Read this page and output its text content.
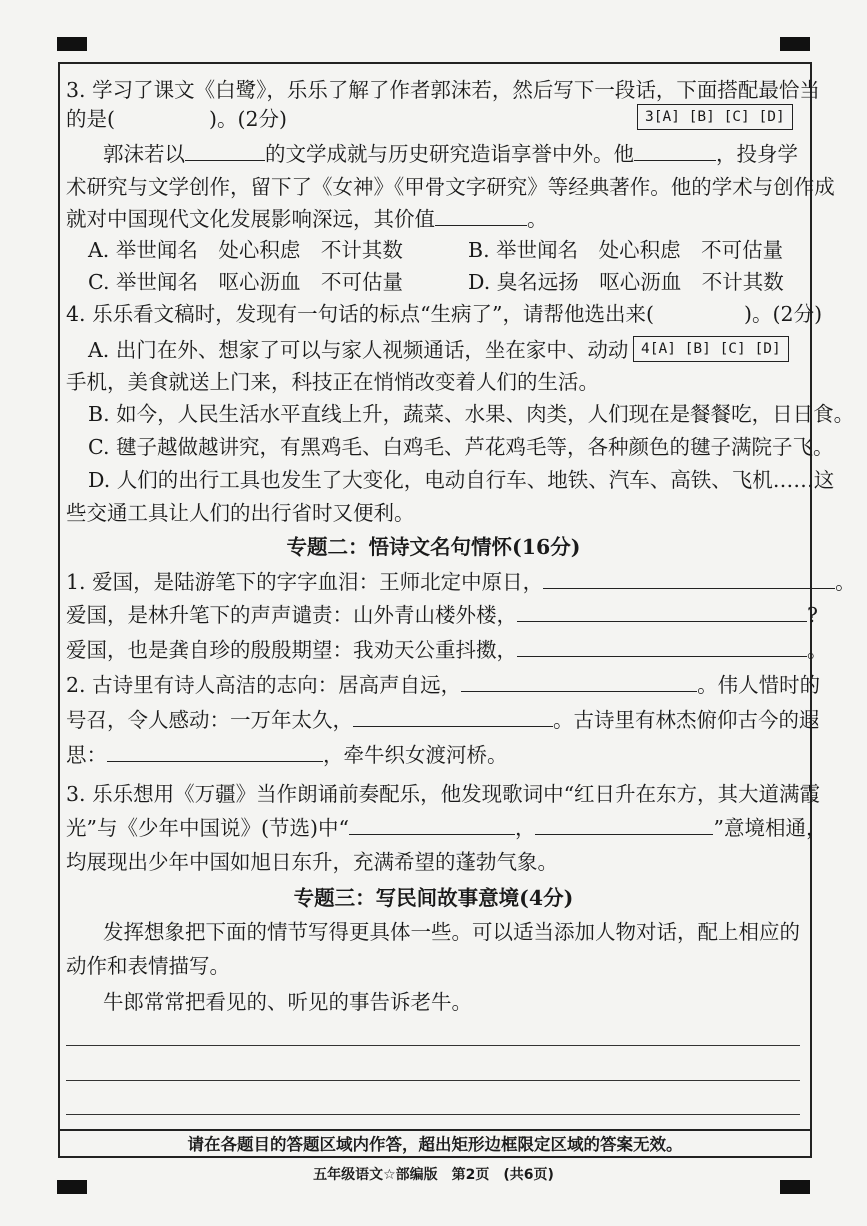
3. 学习了课文《白鹭》，乐乐了解了作者郭沫若，然后写下一段话，下面搭配最恰当
的是(	)。(2分)	3[A] [B] [C] [D]
郭沫若以	的文学成就与历史研究造诣享誉中外。他	，投身学
术研究与文学创作，留下了《女神》《甲骨文字研究》等经典著作。他的学术与创作成
就对中国现代文化发展影响深远，其价值	。
A. 举世闻名　处心积虑　不计其数	B. 举世闻名　处心积虑　不可估量
C. 举世闻名　呕心沥血　不可估量	D. 臭名远扬　呕心沥血　不计其数
4. 乐乐看文稿时，发现有一句话的标点“生病了”，请帮他选出来(	)。(2分)
4[A] [B] [C] [D]
A. 出门在外、想家了可以与家人视频通话，坐在家中、动动
手机，美食就送上门来，科技正在悄悄改变着人们的生活。
B. 如今，人民生活水平直线上升，蔬菜、水果、肉类，人们现在是餐餐吃，日日食。
C. 毽子越做越讲究，有黑鸡毛、白鸡毛、芦花鸡毛等，各种颜色的毽子满院子飞。
D. 人们的出行工具也发生了大变化，电动自行车、地铁、汽车、高铁、飞机……这
些交通工具让人们的出行省时又便利。
专题二：悟诗文名句情怀(16分)
1. 爱国，是陆游笔下的字字血泪：王师北定中原日，	。
爱国，是林升笔下的声声谴责：山外青山楼外楼，	?
爱国，也是龚自珍的殷殷期望：我劝天公重抖擞，	。
2. 古诗里有诗人高洁的志向：居高声自远，	。伟人惜时的
号召，令人感动：一万年太久，	。古诗里有林杰俯仰古今的遐
思：	，牵牛织女渡河桥。
3. 乐乐想用《万疆》当作朗诵前奏配乐，他发现歌词中“红日升在东方，其大道满霞
光”与《少年中国说》(节选)中“	，	”意境相通，
均展现出少年中国如旭日东升，充满希望的蓬勃气象。
专题三：写民间故事意境(4分)
发挥想象把下面的情节写得更具体一些。可以适当添加人物对话，配上相应的
动作和表情描写。
牛郎常常把看见的、听见的事告诉老牛。
请在各题目的答题区域内作答，超出矩形边框限定区域的答案无效。
五年级语文☆部编版　第2页　(共6页)
